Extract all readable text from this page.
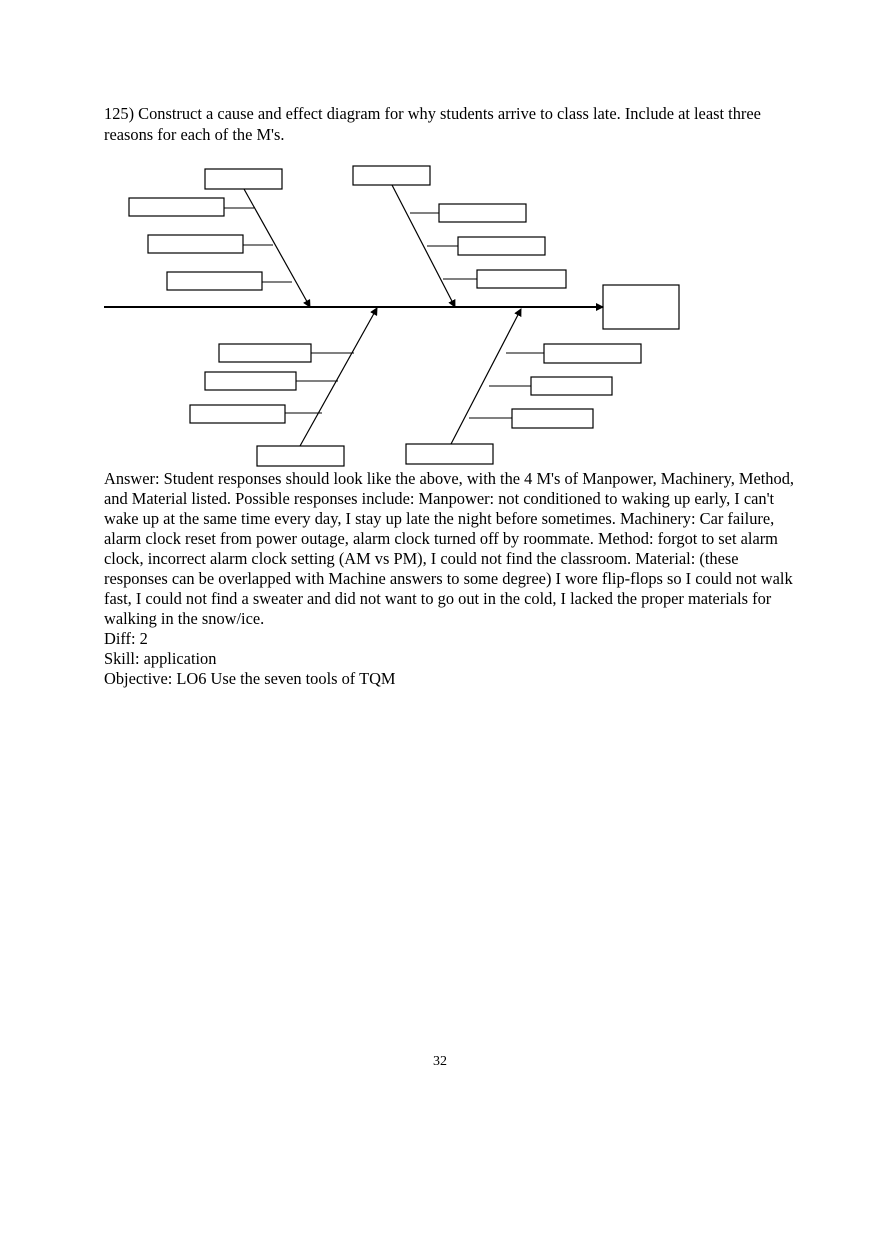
125) Construct a cause and effect diagram for why students arrive to class late. Include at least three reasons for each of the M's.

Answer: Student responses should look like the above, with the 4 M's of Manpower, Machinery, Method, and Material listed. Possible responses include: Manpower: not conditioned to waking up early, I can't wake up at the same time every day, I stay up late the night before sometimes. Machinery: Car failure, alarm clock reset from power outage, alarm clock turned off by roommate. Method: forgot to set alarm clock, incorrect alarm clock setting (AM vs PM), I could not find the classroom. Material: (these responses can be overlapped with Machine answers to some degree) I wore flip-flops so I could not walk fast, I could not find a sweater and did not want to go out in the cold, I lacked the proper materials for walking in the snow/ice.

Diff: 2

Skill: application

Objective: LO6 Use the seven tools of TQM

32
